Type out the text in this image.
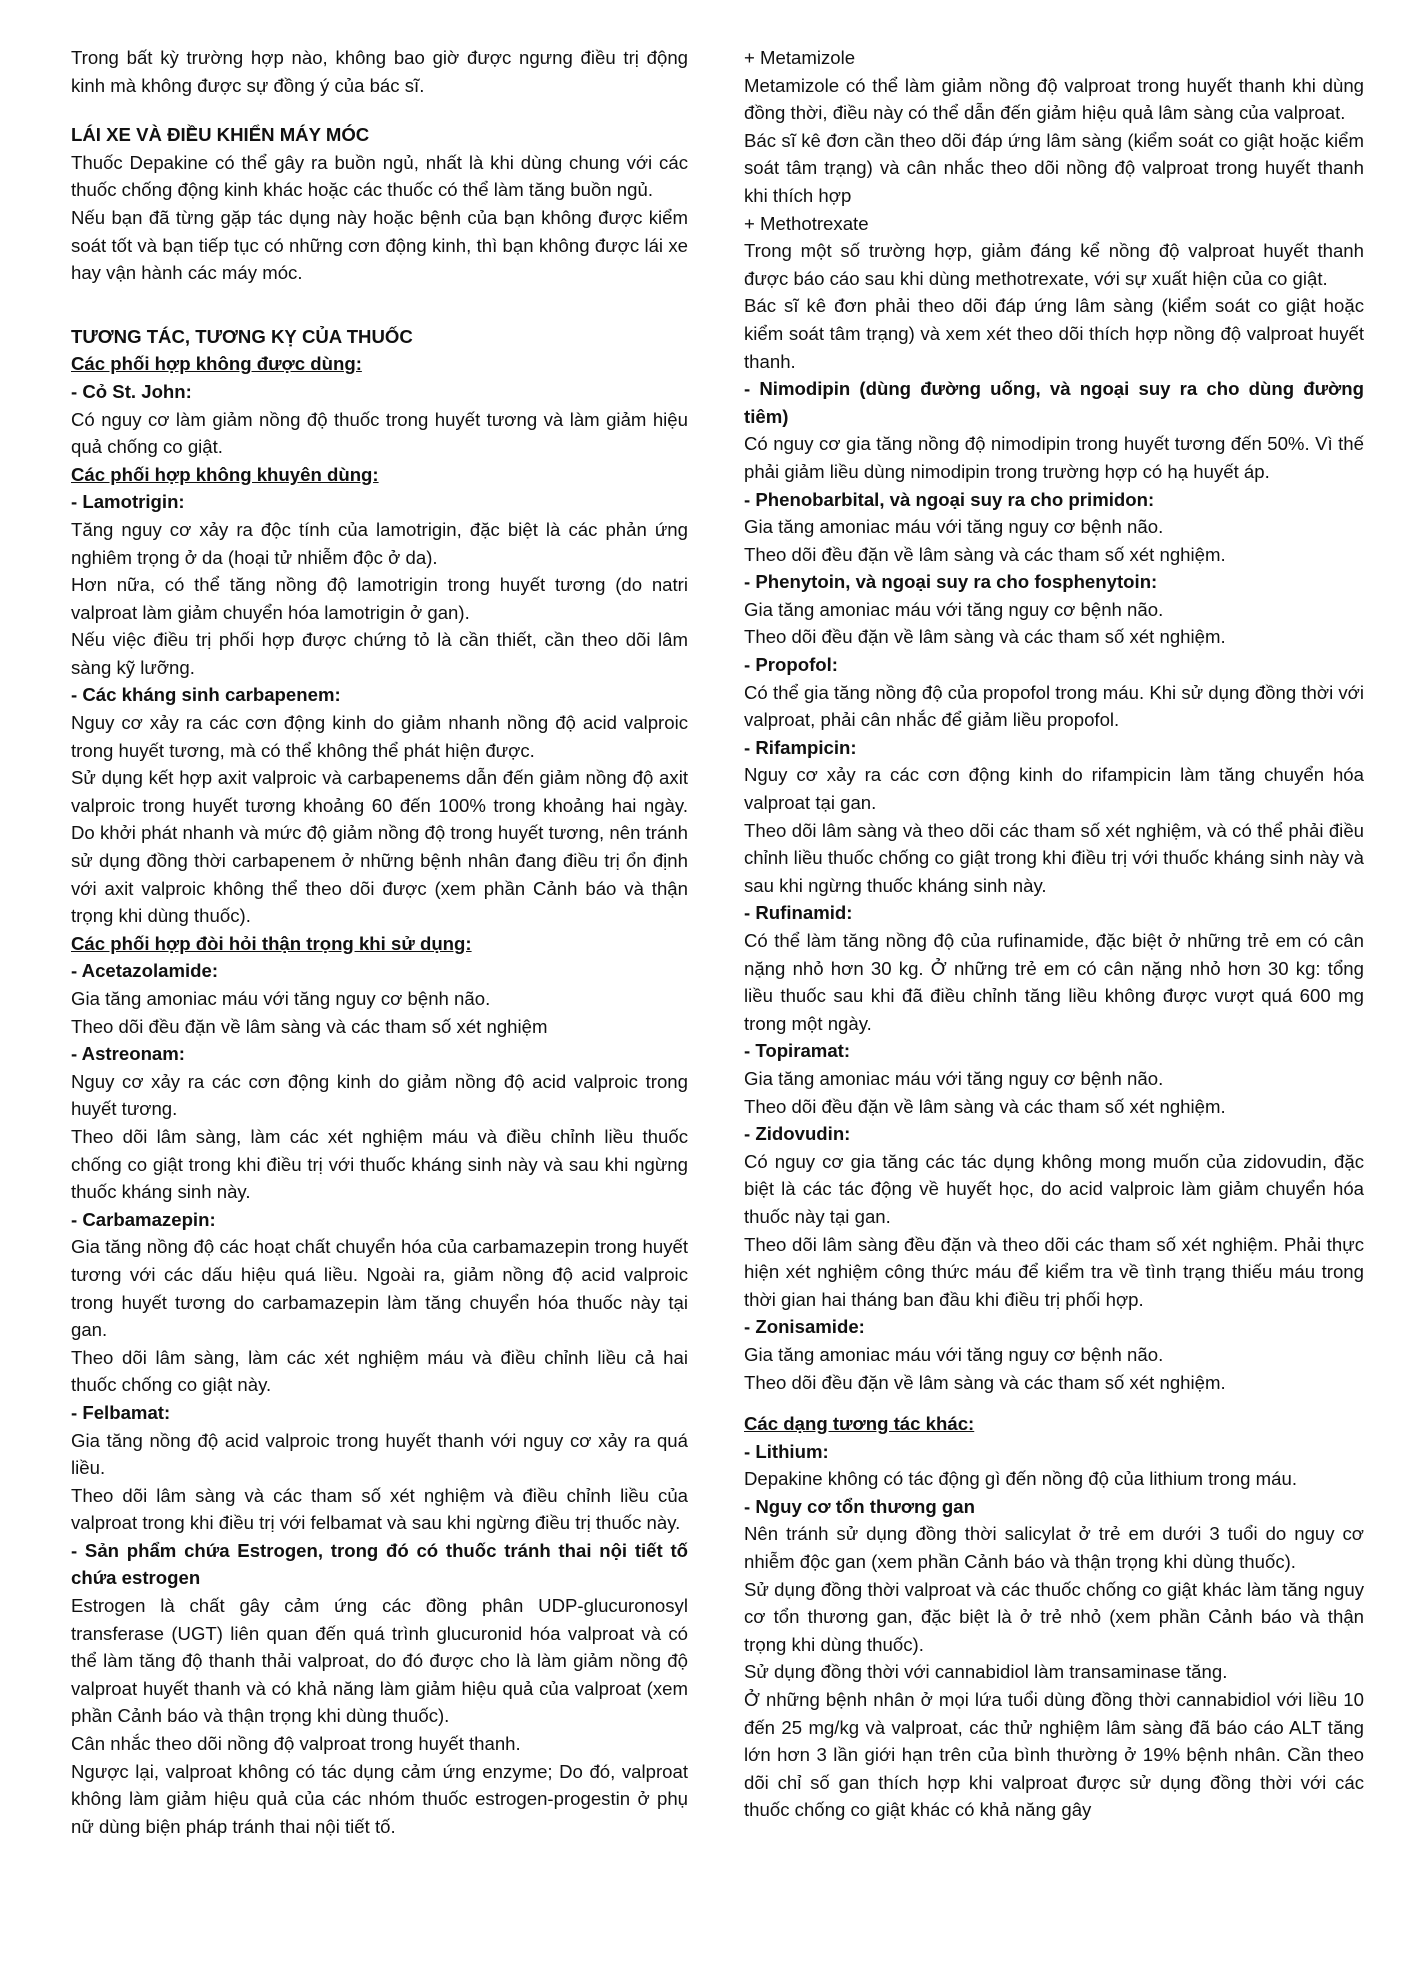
Trong bất kỳ trường hợp nào, không bao giờ được ngưng điều trị động kinh mà không được sự đồng ý của bác sĩ.

LÁI XE VÀ ĐIỀU KHIỂN MÁY MÓC

Thuốc Depakine có thể gây ra buồn ngủ, nhất là khi dùng chung với các thuốc chống động kinh khác hoặc các thuốc có thể làm tăng buồn ngủ.

Nếu bạn đã từng gặp tác dụng này hoặc bệnh của bạn không được kiểm soát tốt và bạn tiếp tục có những cơn động kinh, thì bạn không được lái xe hay vận hành các máy móc.

TƯƠNG TÁC, TƯƠNG KỴ CỦA THUỐC

Các phối hợp không được dùng:

- Cỏ St. John:

Có nguy cơ làm giảm nồng độ thuốc trong huyết tương và làm giảm hiệu quả chống co giật.

Các phối hợp không khuyên dùng:

- Lamotrigin:

Tăng nguy cơ xảy ra độc tính của lamotrigin, đặc biệt là các phản ứng nghiêm trọng ở da (hoại tử nhiễm độc ở da).

Hơn nữa, có thể tăng nồng độ lamotrigin trong huyết tương (do natri valproat làm giảm chuyển hóa lamotrigin ở gan).

Nếu việc điều trị phối hợp được chứng tỏ là cần thiết, cần theo dõi lâm sàng kỹ lưỡng.

- Các kháng sinh carbapenem:

Nguy cơ xảy ra các cơn động kinh do giảm nhanh nồng độ acid valproic trong huyết tương, mà có thể không thể phát hiện được.

Sử dụng kết hợp axit valproic và carbapenems dẫn đến giảm nồng độ axit valproic trong huyết tương khoảng 60 đến 100% trong khoảng hai ngày. Do khởi phát nhanh và mức độ giảm nồng độ trong huyết tương, nên tránh sử dụng đồng thời carbapenem ở những bệnh nhân đang điều trị ổn định với axit valproic không thể theo dõi được (xem phần Cảnh báo và thận trọng khi dùng thuốc).

Các phối hợp đòi hỏi thận trọng khi sử dụng:

- Acetazolamide:

Gia tăng amoniac máu với tăng nguy cơ bệnh não.

Theo dõi đều đặn về lâm sàng và các tham số xét nghiệm

- Astreonam:

Nguy cơ xảy ra các cơn động kinh do giảm nồng độ acid valproic trong huyết tương.

Theo dõi lâm sàng, làm các xét nghiệm máu và điều chỉnh liều thuốc chống co giật trong khi điều trị với thuốc kháng sinh này và sau khi ngừng thuốc kháng sinh này.

- Carbamazepin:

Gia tăng nồng độ các hoạt chất chuyển hóa của carbamazepin trong huyết tương với các dấu hiệu quá liều. Ngoài ra, giảm nồng độ acid valproic trong huyết tương do carbamazepin làm tăng chuyển hóa thuốc này tại gan.

Theo dõi lâm sàng, làm các xét nghiệm máu và điều chỉnh liều cả hai thuốc chống co giật này.

- Felbamat:

Gia tăng nồng độ acid valproic trong huyết thanh với nguy cơ xảy ra quá liều.

Theo dõi lâm sàng và các tham số xét nghiệm và điều chỉnh liều của valproat trong khi điều trị với felbamat và sau khi ngừng điều trị thuốc này.

- Sản phẩm chứa Estrogen, trong đó có thuốc tránh thai nội tiết tố chứa estrogen

Estrogen là chất gây cảm ứng các đồng phân UDP-glucuronosyl transferase (UGT) liên quan đến quá trình glucuronid hóa valproat và có thể làm tăng độ thanh thải valproat, do đó được cho là làm giảm nồng độ valproat huyết thanh và có khả năng làm giảm hiệu quả của valproat (xem phần Cảnh báo và thận trọng khi dùng thuốc).

Cân nhắc theo dõi nồng độ valproat trong huyết thanh.

Ngược lại, valproat không có tác dụng cảm ứng enzyme; Do đó, valproat không làm giảm hiệu quả của các nhóm thuốc estrogen-progestin ở phụ nữ dùng biện pháp tránh thai nội tiết tố.

+ Metamizole

Metamizole có thể làm giảm nồng độ valproat trong huyết thanh khi dùng đồng thời, điều này có thể dẫn đến giảm hiệu quả lâm sàng của valproat.

Bác sĩ kê đơn cần theo dõi đáp ứng lâm sàng (kiểm soát co giật hoặc kiểm soát tâm trạng) và cân nhắc theo dõi nồng độ valproat trong huyết thanh khi thích hợp

+ Methotrexate

Trong một số trường hợp, giảm đáng kể nồng độ valproat huyết thanh được báo cáo sau khi dùng methotrexate, với sự xuất hiện của co giật.

Bác sĩ kê đơn phải theo dõi đáp ứng lâm sàng (kiểm soát co giật hoặc kiểm soát tâm trạng) và xem xét theo dõi thích hợp nồng độ valproat huyết thanh.

- Nimodipin (dùng đường uống, và ngoại suy ra cho dùng đường tiêm)

Có nguy cơ gia tăng nồng độ nimodipin trong huyết tương đến 50%. Vì thế phải giảm liều dùng nimodipin trong trường hợp có hạ huyết áp.

- Phenobarbital, và ngoại suy ra cho primidon:

Gia tăng amoniac máu với tăng nguy cơ bệnh não.

Theo dõi đều đặn về lâm sàng và các tham số xét nghiệm.

- Phenytoin, và ngoại suy ra cho fosphenytoin:

Gia tăng amoniac máu với tăng nguy cơ bệnh não.

Theo dõi đều đặn về lâm sàng và các tham số xét nghiệm.

- Propofol:

Có thể gia tăng nồng độ của propofol trong máu. Khi sử dụng đồng thời với valproat, phải cân nhắc để giảm liều propofol.

- Rifampicin:

Nguy cơ xảy ra các cơn động kinh do rifampicin làm tăng chuyển hóa valproat tại gan.

Theo dõi lâm sàng và theo dõi các tham số xét nghiệm, và có thể phải điều chỉnh liều thuốc chống co giật trong khi điều trị với thuốc kháng sinh này và sau khi ngừng thuốc kháng sinh này.

- Rufinamid:

Có thể làm tăng nồng độ của rufinamide, đặc biệt ở những trẻ em có cân nặng nhỏ hơn 30 kg. Ở những trẻ em có cân nặng nhỏ hơn 30 kg: tổng liều thuốc sau khi đã điều chỉnh tăng liều không được vượt quá 600 mg trong một ngày.

- Topiramat:

Gia tăng amoniac máu với tăng nguy cơ bệnh não.

Theo dõi đều đặn về lâm sàng và các tham số xét nghiệm.

- Zidovudin:

Có nguy cơ gia tăng các tác dụng không mong muốn của zidovudin, đặc biệt là các tác động về huyết học, do acid valproic làm giảm chuyển hóa thuốc này tại gan.

Theo dõi lâm sàng đều đặn và theo dõi các tham số xét nghiệm. Phải thực hiện xét nghiệm công thức máu để kiểm tra về tình trạng thiếu máu trong thời gian hai tháng ban đầu khi điều trị phối hợp.

- Zonisamide:

Gia tăng amoniac máu với tăng nguy cơ bệnh não.

Theo dõi đều đặn về lâm sàng và các tham số xét nghiệm.

Các dạng tương tác khác:

- Lithium:

Depakine không có tác động gì đến nồng độ của lithium trong máu.

- Nguy cơ tổn thương gan

Nên tránh sử dụng đồng thời salicylat ở trẻ em dưới 3 tuổi do nguy cơ nhiễm độc gan (xem phần Cảnh báo và thận trọng khi dùng thuốc).

Sử dụng đồng thời valproat và các thuốc chống co giật khác làm tăng nguy cơ tổn thương gan, đặc biệt là ở trẻ nhỏ (xem phần Cảnh báo và thận trọng khi dùng thuốc).

Sử dụng đồng thời với cannabidiol làm transaminase tăng.

Ở những bệnh nhân ở mọi lứa tuổi dùng đồng thời cannabidiol với liều 10 đến 25 mg/kg và valproat, các thử nghiệm lâm sàng đã báo cáo ALT tăng lớn hơn 3 lần giới hạn trên của bình thường ở 19% bệnh nhân. Cần theo dõi chỉ số gan thích hợp khi valproat được sử dụng đồng thời với các thuốc chống co giật khác có khả năng gây
